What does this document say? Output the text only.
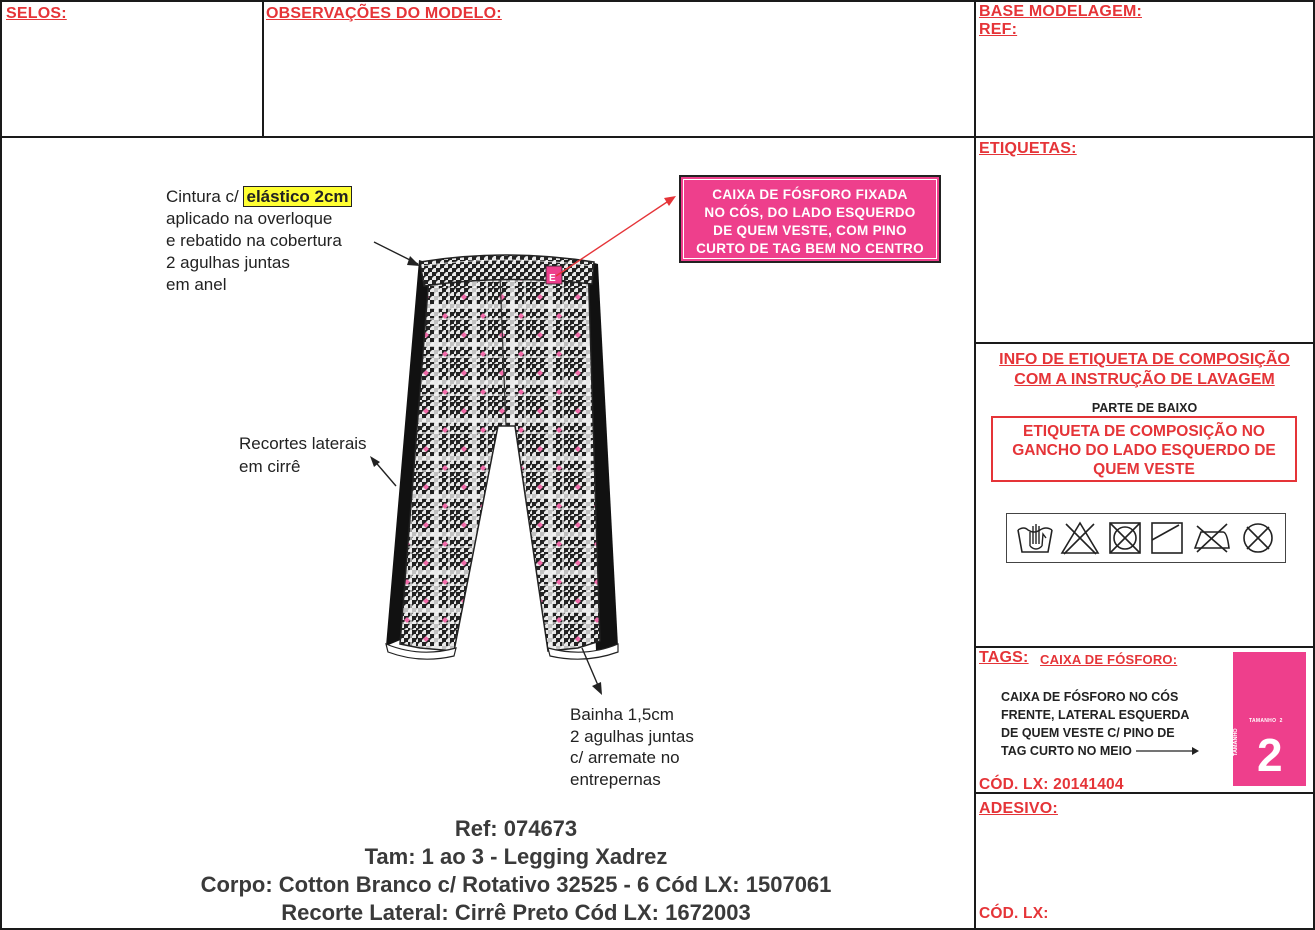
SELOS:	OBSERVAÇÕES DO MODELO:	BASE MODELAGEM:
REF:
ETIQUETAS:
INFO DE ETIQUETA DE COMPOSIÇÃO
COM A INSTRUÇÃO DE LAVAGEM
PARTE DE BAIXO
ETIQUETA DE COMPOSIÇÃO NO
GANCHO DO LADO ESQUERDO DE
QUEM VESTE
TAGS: CAIXA DE FÓSFORO:
CAIXA DE FÓSFORO NO CÓS
FRENTE, LATERAL ESQUERDA
DE QUEM VESTE C/ PINO DE
TAG CURTO NO MEIO
CÓD. LX: 20141404
TAMANHO  2
TAMANHO 2
ADESIVO:
CÓD. LX:
Cintura c/ elástico 2cm
aplicado na overloque
e rebatido na cobertura
2 agulhas juntas
em anel
Recortes laterais
em cirrê
Bainha 1,5cm
2 agulhas juntas
c/ arremate no
entrepernas
CAIXA DE FÓSFORO FIXADA
NO CÓS, DO LADO ESQUERDO
DE QUEM VESTE, COM PINO
CURTO DE TAG BEM NO CENTRO
E
Ref: 074673
Tam: 1 ao 3 - Legging Xadrez
Corpo: Cotton Branco c/ Rotativo 32525 - 6 Cód LX: 1507061
Recorte Lateral: Cirrê Preto Cód LX: 1672003
